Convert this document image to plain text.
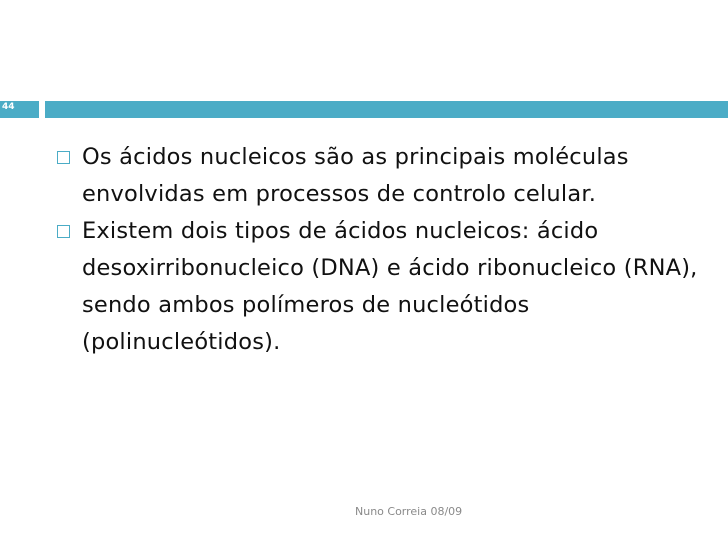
44
Os ácidos nucleicos são as principais moléculas envolvidas em processos de controlo celular.
Existem dois tipos de ácidos nucleicos: ácido desoxirribonucleico (DNA) e ácido ribonucleico (RNA), sendo ambos polímeros de nucleótidos (polinucleótidos).
Nuno Correia 08/09
